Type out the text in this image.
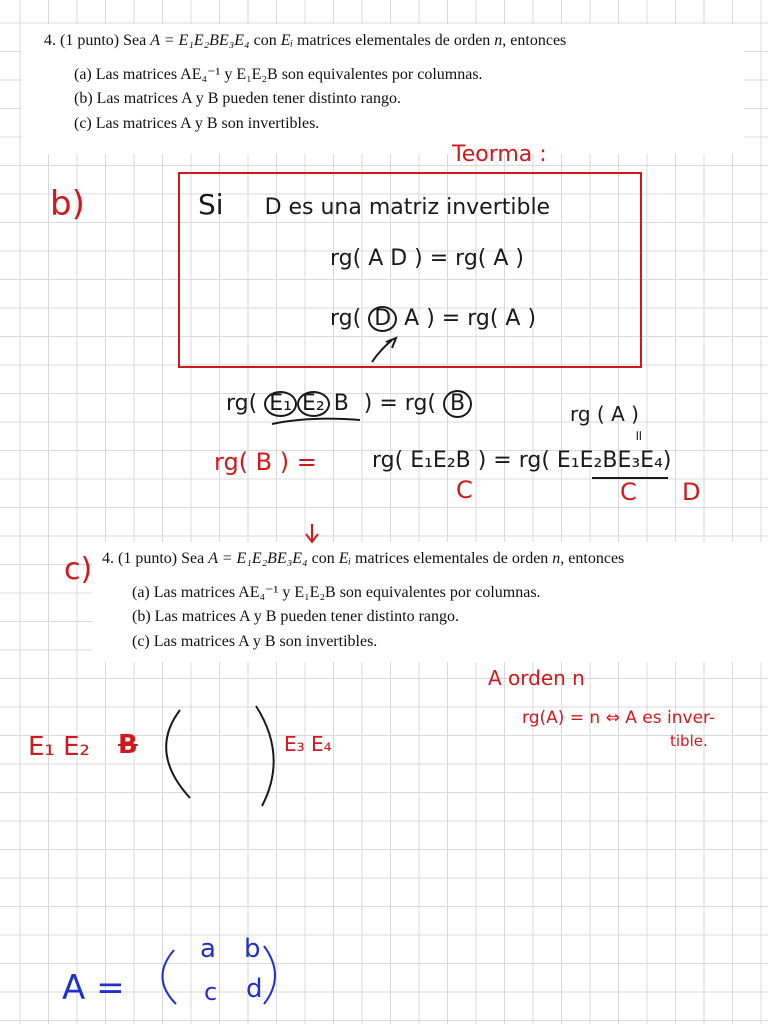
4. (1 punto) Sea A = E₁E₂BE₃E₄ con Eᵢ matrices elementales de orden n, entonces
(a) Las matrices AE₄⁻¹ y E₁E₂B son equivalentes por columnas.
(b) Las matrices A y B pueden tener distinto rango.
(c) Las matrices A y B son invertibles.
Teorma :
b)	Si D es una matriz invertible
rg( A D ) = rg( A )
rg( D A ) = rg( A )
rg( E₁ E₂ B ) = rg( B	rg ( A )
॥
rg( B ) =	rg( E₁E₂B ) = rg( E₁E₂BE₃E₄)
C	C D
4. (1 punto) Sea A = E₁E₂BE₃E₄ con Eᵢ matrices elementales de orden n, entonces
(a) Las matrices AE₄⁻¹ y E₁E₂B son equivalentes por columnas.
(b) Las matrices A y B pueden tener distinto rango.
(c) Las matrices A y B son invertibles.
c)
A orden n
rg(A) = n ⇔ A es inver-
tible.
E₁ E₂ B	E₃ E₄
A =
a b
c d
